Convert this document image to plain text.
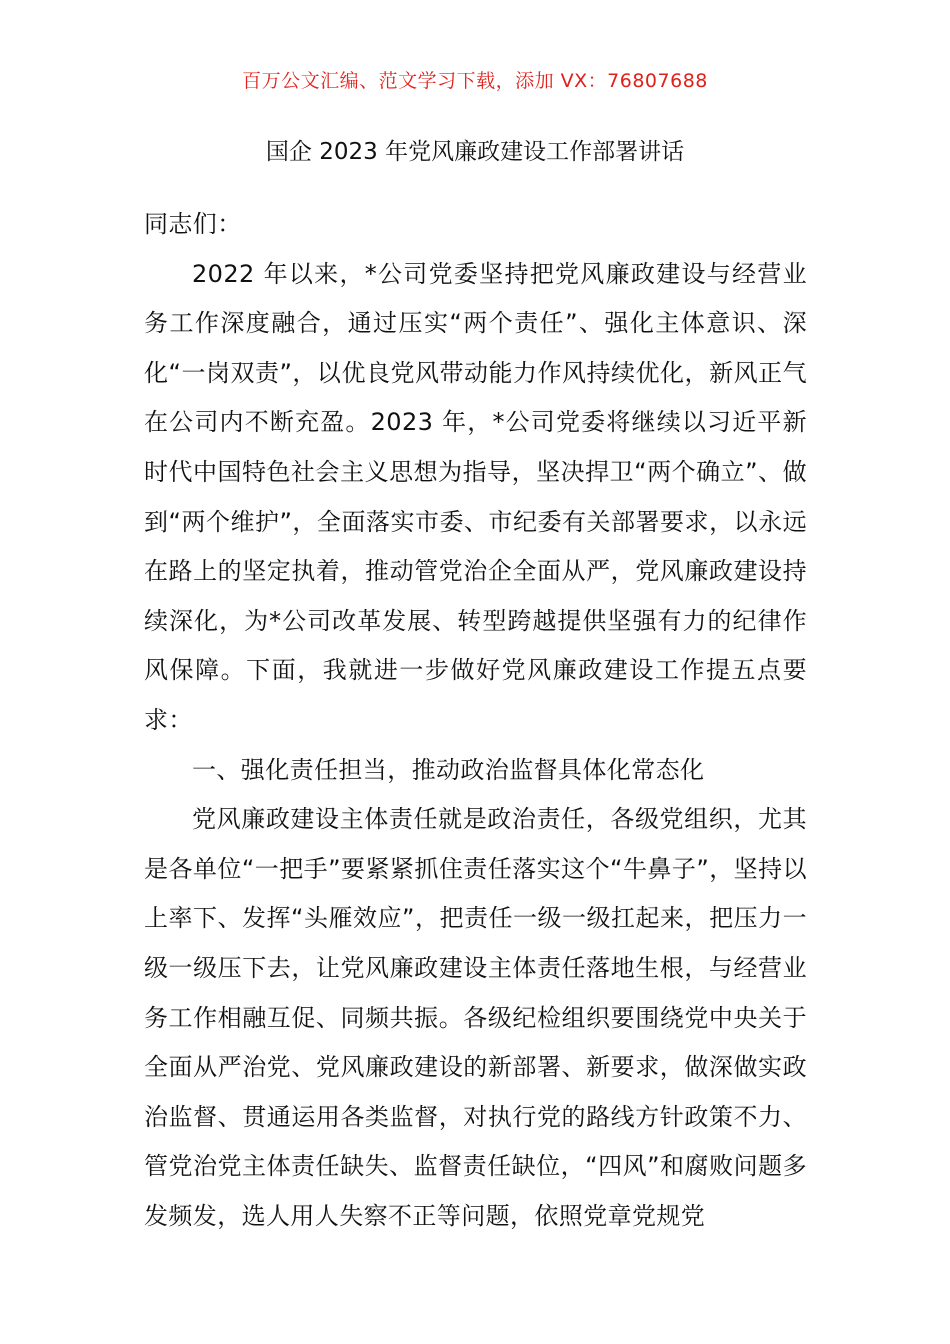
百万公文汇编、范文学习下载，添加 VX：76807688

国企 2023 年党风廉政建设工作部署讲话

同志们：

2022 年以来，*公司党委坚持把党风廉政建设与经营业务工作深度融合，通过压实“两个责任”、强化主体意识、深化“一岗双责”，以优良党风带动能力作风持续优化，新风正气在公司内不断充盈。2023 年，*公司党委将继续以习近平新时代中国特色社会主义思想为指导，坚决捍卫“两个确立”、做到“两个维护”，全面落实市委、市纪委有关部署要求，以永远在路上的坚定执着，推动管党治企全面从严，党风廉政建设持续深化，为*公司改革发展、转型跨越提供坚强有力的纪律作风保障。下面，我就进一步做好党风廉政建设工作提五点要求：

一、强化责任担当，推动政治监督具体化常态化

党风廉政建设主体责任就是政治责任，各级党组织，尤其是各单位“一把手”要紧紧抓住责任落实这个“牛鼻子”，坚持以上率下、发挥“头雁效应”，把责任一级一级扛起来，把压力一级一级压下去，让党风廉政建设主体责任落地生根，与经营业务工作相融互促、同频共振。各级纪检组织要围绕党中央关于全面从严治党、党风廉政建设的新部署、新要求，做深做实政治监督、贯通运用各类监督，对执行党的路线方针政策不力、管党治党主体责任缺失、监督责任缺位，“四风”和腐败问题多发频发，选人用人失察不正等问题，依照党章党规党
